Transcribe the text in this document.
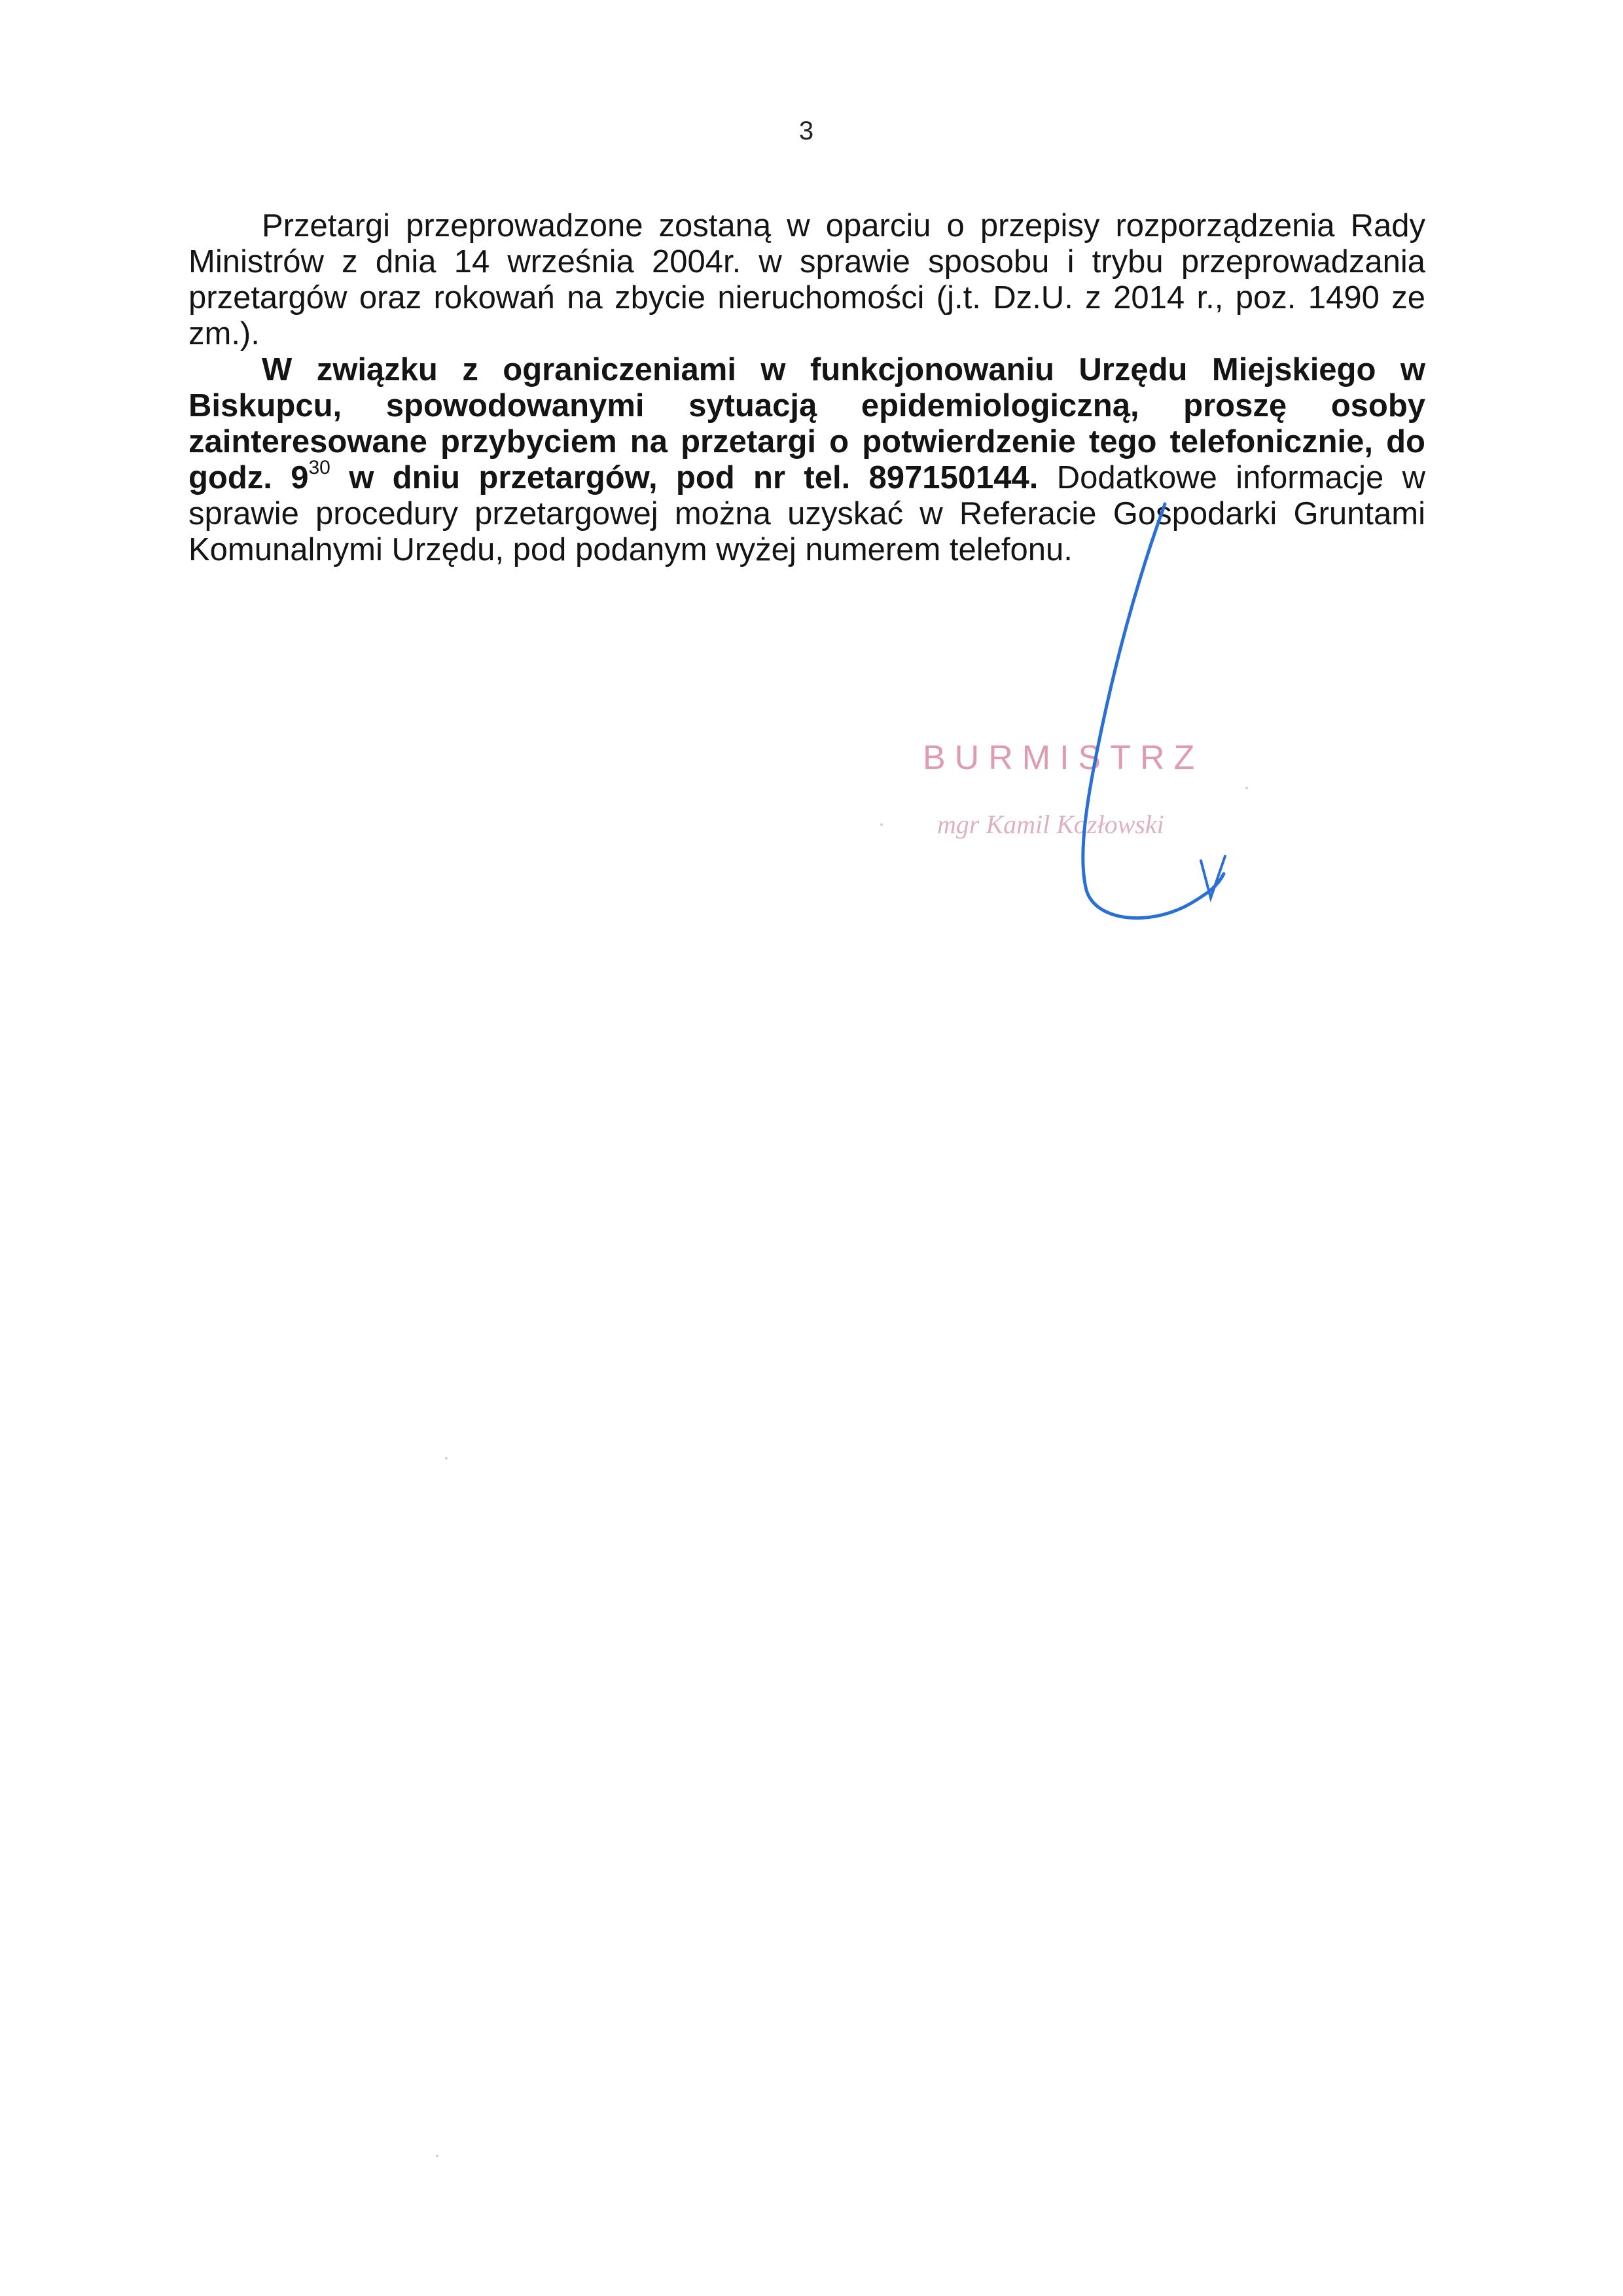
3

Przetargi przeprowadzone zostaną w oparciu o przepisy rozporządzenia Rady Ministrów z dnia 14 września 2004r. w sprawie sposobu i trybu przeprowadzania przetargów oraz rokowań na zbycie nieruchomości (j.t. Dz.U. z 2014 r., poz. 1490 ze zm.).

W związku z ograniczeniami w funkcjonowaniu Urzędu Miejskiego w Biskupcu, spowodowanymi sytuacją epidemiologiczną, proszę osoby zainteresowane przybyciem na przetargi o potwierdzenie tego telefonicznie, do godz. $9^{30}$ w dniu przetargów, pod nr tel. 897150144. Dodatkowe informacje w sprawie procedury przetargowej można uzyskać w Referacie Gospodarki Gruntami Komunalnymi Urzędu, pod podanym wyżej numerem telefonu.

BURMISTRZ
mgr Kamil Kozłowski
